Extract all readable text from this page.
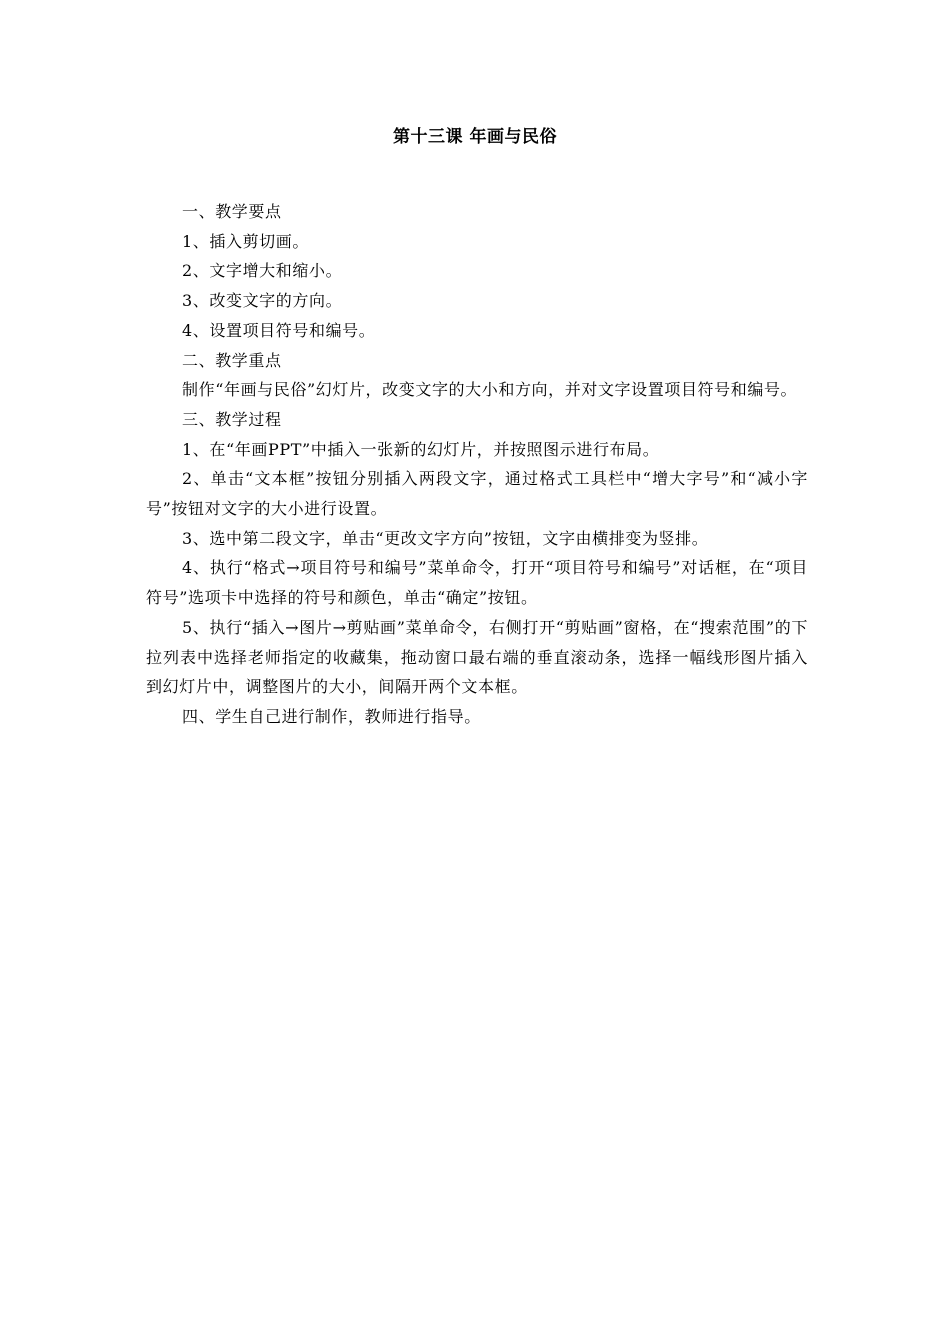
第十三课 年画与民俗

一、教学要点

1、插入剪切画。

2、文字增大和缩小。

3、改变文字的方向。

4、设置项目符号和编号。

二、教学重点

制作“年画与民俗”幻灯片，改变文字的大小和方向，并对文字设置项目符号和编号。

三、教学过程

1、在“年画PPT”中插入一张新的幻灯片，并按照图示进行布局。

2、单击“文本框”按钮分别插入两段文字，通过格式工具栏中“增大字号”和“减小字号”按钮对文字的大小进行设置。

3、选中第二段文字，单击“更改文字方向”按钮，文字由横排变为竖排。

4、执行“格式→项目符号和编号”菜单命令，打开“项目符号和编号”对话框，在“项目符号”选项卡中选择的符号和颜色，单击“确定”按钮。

5、执行“插入→图片→剪贴画”菜单命令，右侧打开“剪贴画”窗格，在“搜索范围”的下拉列表中选择老师指定的收藏集，拖动窗口最右端的垂直滚动条，选择一幅线形图片插入到幻灯片中，调整图片的大小，间隔开两个文本框。

四、学生自己进行制作，教师进行指导。
